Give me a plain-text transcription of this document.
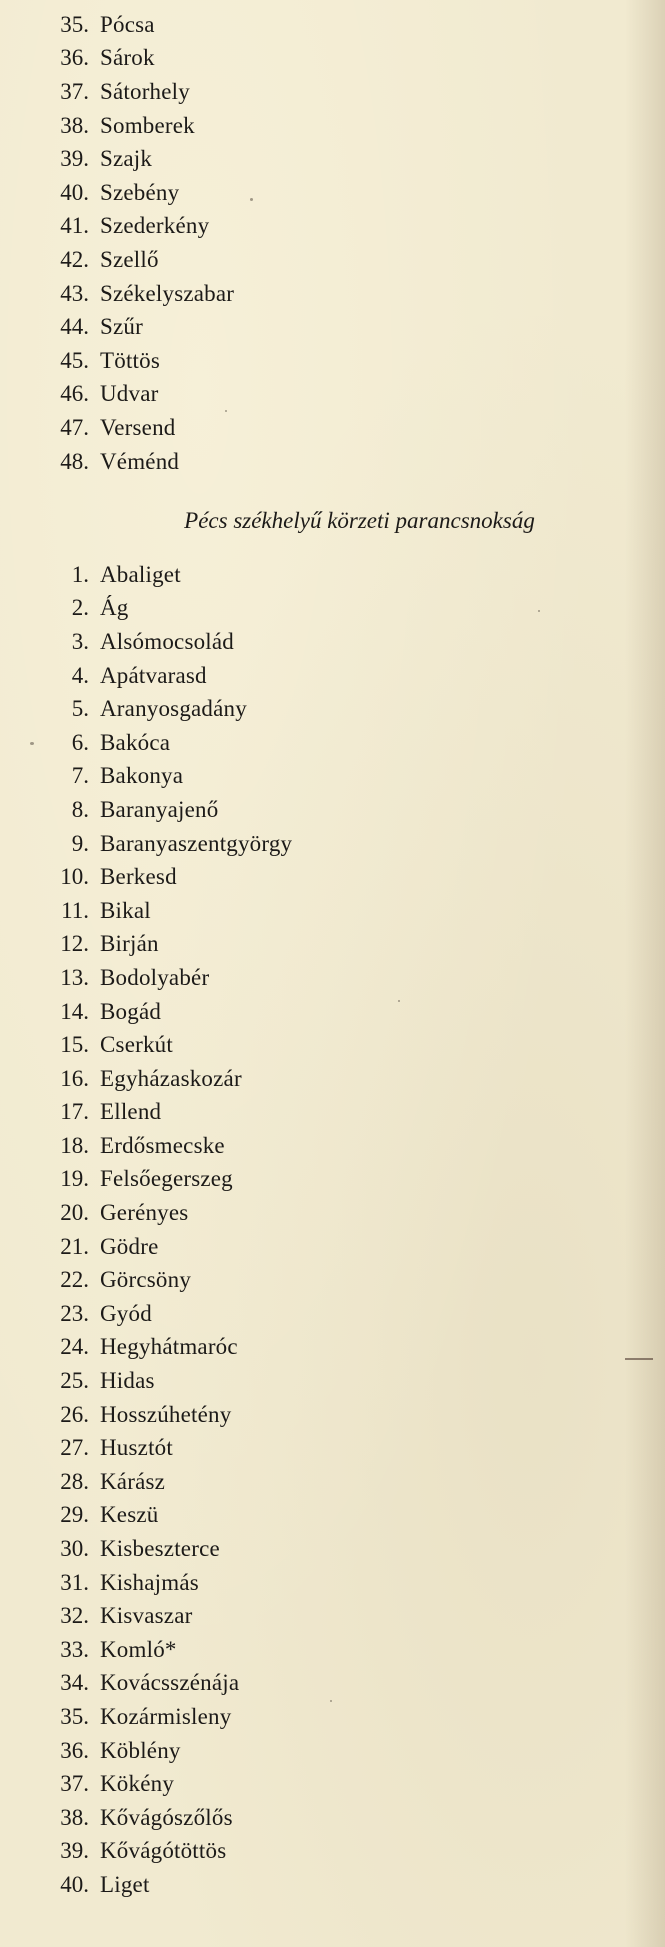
35. Pócsa
36. Sárok
37. Sátorhely
38. Somberek
39. Szajk
40. Szebény
41. Szederkény
42. Szellő
43. Székelyszabar
44. Szűr
45. Töttös
46. Udvar
47. Versend
48. Véménd
Pécs székhelyű körzeti parancsnokság
1. Abaliget
2. Ág
3. Alsómocsolád
4. Apátvarasd
5. Aranyosgadány
6. Bakóca
7. Bakonya
8. Baranyajenő
9. Baranyaszentgyörgy
10. Berkesd
11. Bikal
12. Birján
13. Bodolyabér
14. Bogád
15. Cserkút
16. Egyházaskozár
17. Ellend
18. Erdősmecske
19. Felsőegerszeg
20. Gerényes
21. Gödre
22. Görcsöny
23. Gyód
24. Hegyhátmaróc
25. Hidas
26. Hosszúhetény
27. Husztót
28. Kárász
29. Keszü
30. Kisbeszterce
31. Kishajmás
32. Kisvaszar
33. Komló*
34. Kovácsszénája
35. Kozármisleny
36. Köblény
37. Kökény
38. Kővágószőlős
39. Kővágótöttös
40. Liget
